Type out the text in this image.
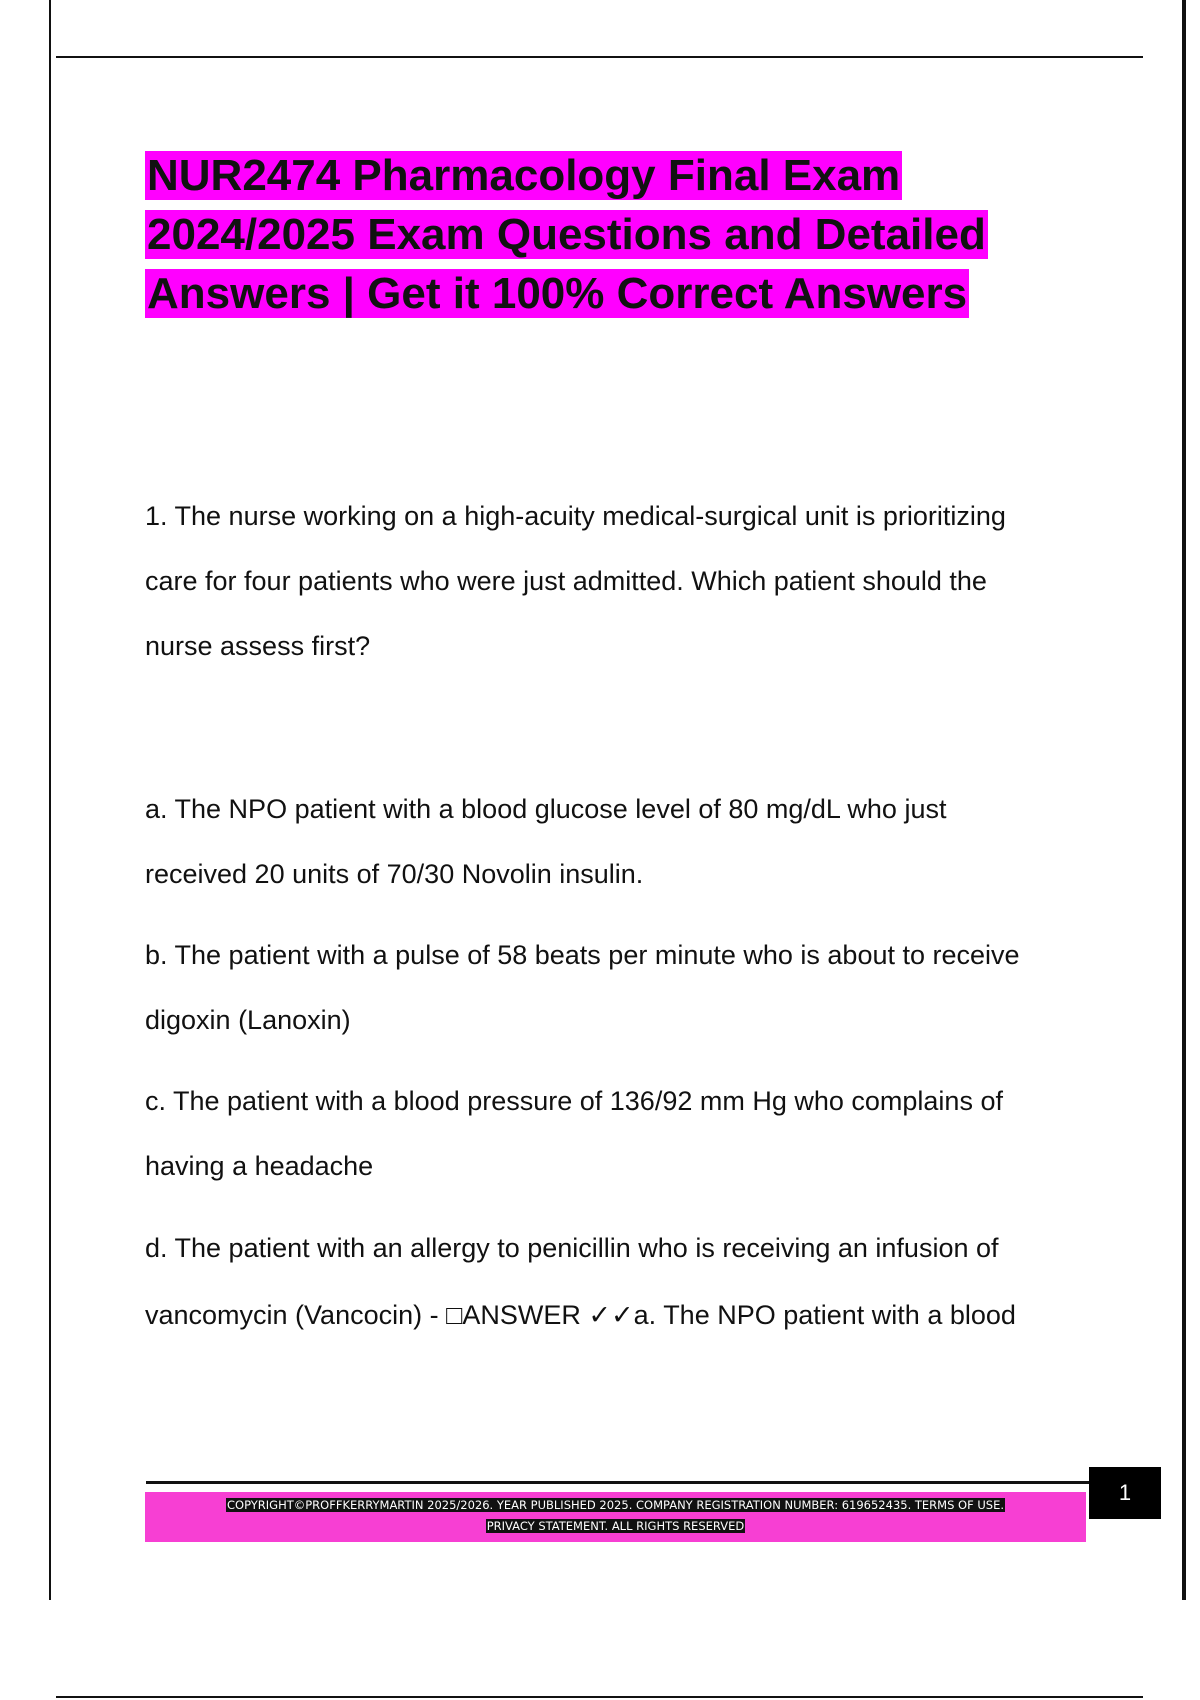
NUR2474 Pharmacology Final Exam
2024/2025 Exam Questions and Detailed
Answers | Get it 100% Correct Answers

1. The nurse working on a high-acuity medical-surgical unit is prioritizing

care for four patients who were just admitted. Which patient should the

nurse assess first?

a. The NPO patient with a blood glucose level of 80 mg/dL who just

received 20 units of 70/30 Novolin insulin.

b. The patient with a pulse of 58 beats per minute who is about to receive

digoxin (Lanoxin)

c. The patient with a blood pressure of 136/92 mm Hg who complains of

having a headache

d. The patient with an allergy to penicillin who is receiving an infusion of

vancomycin (Vancocin) - □ANSWER ✓✓a. The NPO patient with a blood

COPYRIGHT©PROFFKERRYMARTIN 2025/2026. YEAR PUBLISHED 2025. COMPANY REGISTRATION NUMBER: 619652435. TERMS OF USE.
PRIVACY STATEMENT. ALL RIGHTS RESERVED
1
